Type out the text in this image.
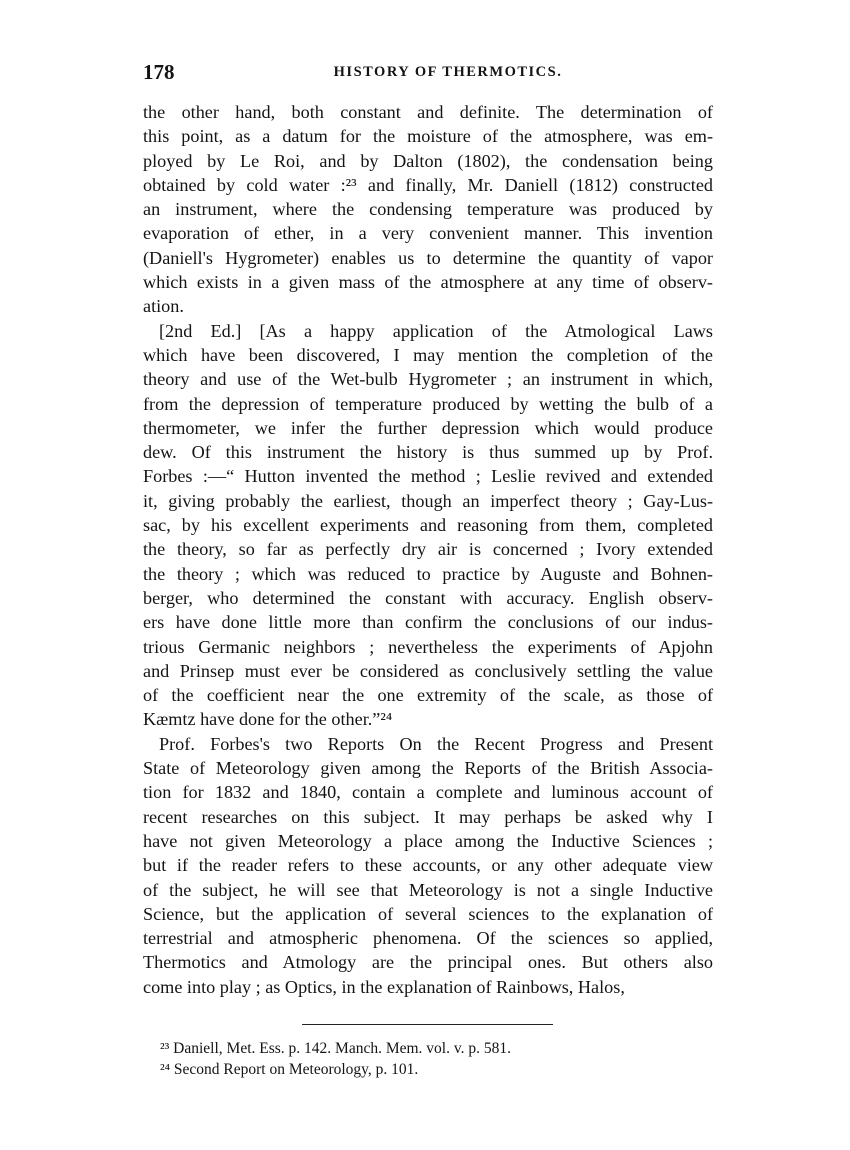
178	HISTORY OF THERMOTICS.

the other hand, both constant and definite. The determination of
this point, as a datum for the moisture of the atmosphere, was em-
ployed by Le Roi, and by Dalton (1802), the condensation being
obtained by cold water :²³ and finally, Mr. Daniell (1812) constructed
an instrument, where the condensing temperature was produced by
evaporation of ether, in a very convenient manner. This invention
(Daniell's Hygrometer) enables us to determine the quantity of vapor
which exists in a given mass of the atmosphere at any time of observ-
ation.

[2nd Ed.] [As a happy application of the Atmological Laws
which have been discovered, I may mention the completion of the
theory and use of the Wet-bulb Hygrometer ; an instrument in which,
from the depression of temperature produced by wetting the bulb of a
thermometer, we infer the further depression which would produce
dew. Of this instrument the history is thus summed up by Prof.
Forbes :—“ Hutton invented the method ; Leslie revived and extended
it, giving probably the earliest, though an imperfect theory ; Gay-Lus-
sac, by his excellent experiments and reasoning from them, completed
the theory, so far as perfectly dry air is concerned ; Ivory extended
the theory ; which was reduced to practice by Auguste and Bohnen-
berger, who determined the constant with accuracy. English observ-
ers have done little more than confirm the conclusions of our indus-
trious Germanic neighbors ; nevertheless the experiments of Apjohn
and Prinsep must ever be considered as conclusively settling the value
of the coefficient near the one extremity of the scale, as those of
Kæmtz have done for the other.”²⁴

Prof. Forbes's two Reports On the Recent Progress and Present
State of Meteorology given among the Reports of the British Associa-
tion for 1832 and 1840, contain a complete and luminous account of
recent researches on this subject. It may perhaps be asked why I
have not given Meteorology a place among the Inductive Sciences ;
but if the reader refers to these accounts, or any other adequate view
of the subject, he will see that Meteorology is not a single Inductive
Science, but the application of several sciences to the explanation of
terrestrial and atmospheric phenomena. Of the sciences so applied,
Thermotics and Atmology are the principal ones. But others also
come into play ; as Optics, in the explanation of Rainbows, Halos,

²³ Daniell, Met. Ess. p. 142. Manch. Mem. vol. v. p. 581.
²⁴ Second Report on Meteorology, p. 101.
